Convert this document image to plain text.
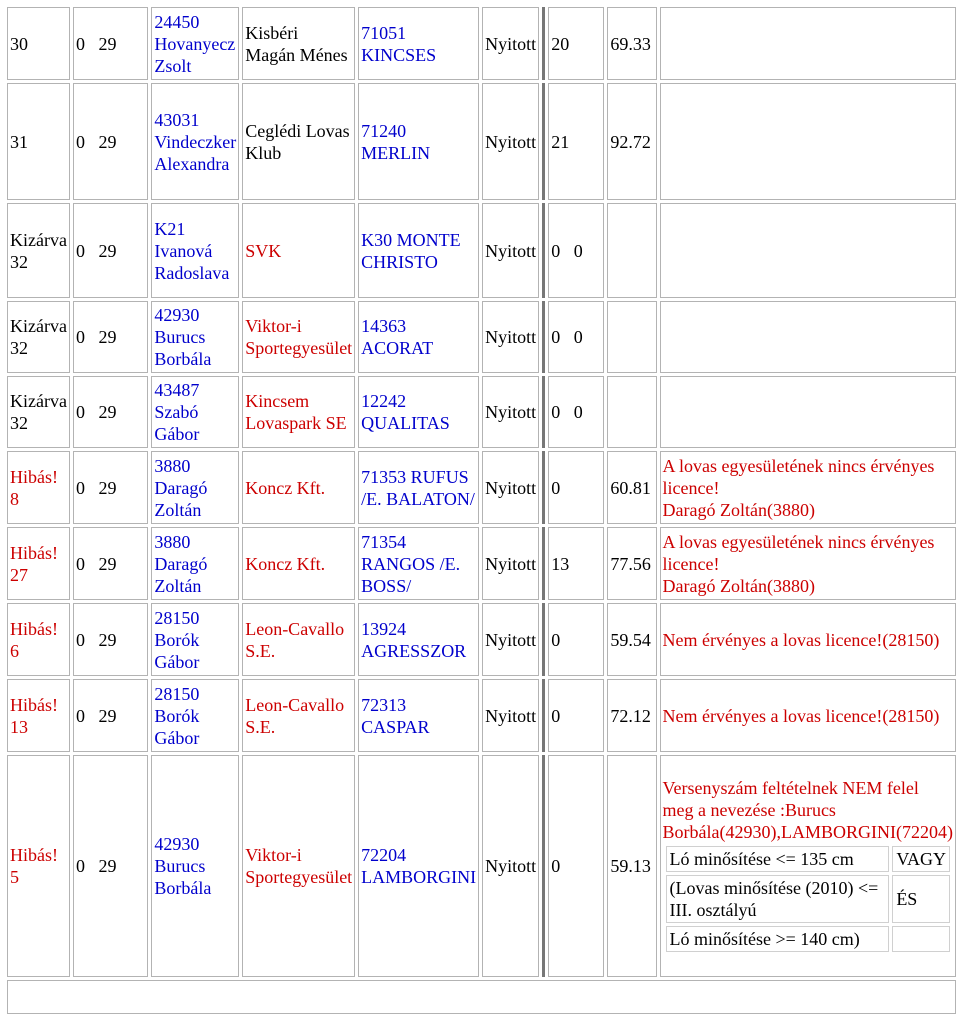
30	0 29	24450 Hovanyecz Zsolt	Kisbéri Magán Ménes	71051 KINCSES	Nyitott		20	69.33	
31	0 29	43031 Vindeczker Alexandra	Ceglédi Lovas Klub	71240 MERLIN	Nyitott		21	92.72	
Kizárva 32	0 29	K21 Ivanová Radoslava	SVK	K30 MONTE CHRISTO	Nyitott		0 0		
Kizárva 32	0 29	42930 Burucs Borbála	Viktor-i Sportegyesület	14363 ACORAT	Nyitott		0 0		
Kizárva 32	0 29	43487 Szabó Gábor	Kincsem Lovaspark SE	12242 QUALITAS	Nyitott		0 0		
Hibás! 8	0 29	3880 Daragó Zoltán	Koncz Kft.	71353 RUFUS /E. BALATON/	Nyitott		0	60.81	A lovas egyesületének nincs érvényes licence!
Daragó Zoltán(3880)
Hibás! 27	0 29	3880 Daragó Zoltán	Koncz Kft.	71354 RANGOS /E. BOSS/	Nyitott		13	77.56	A lovas egyesületének nincs érvényes licence!
Daragó Zoltán(3880)
Hibás! 6	0 29	28150 Borók Gábor	Leon-Cavallo S.E.	13924 AGRESSZOR	Nyitott		0	59.54	Nem érvényes a lovas licence!(28150)
Hibás! 13	0 29	28150 Borók Gábor	Leon-Cavallo S.E.	72313 CASPAR	Nyitott		0	72.12	Nem érvényes a lovas licence!(28150)
Hibás! 5	0 29	42930 Burucs Borbála	Viktor-i Sportegyesület	72204 LAMBORGINI	Nyitott		0	59.13	
Versenyszám feltételnek NEM felel meg a nevezése :Burucs Borbála(42930),LAMBORGINI(72204)
Ló minősítése <= 135 cm	VAGY
(Lovas minősítése (2010) <= III. osztályú	ÉS
Ló minősítése >= 140 cm)	
